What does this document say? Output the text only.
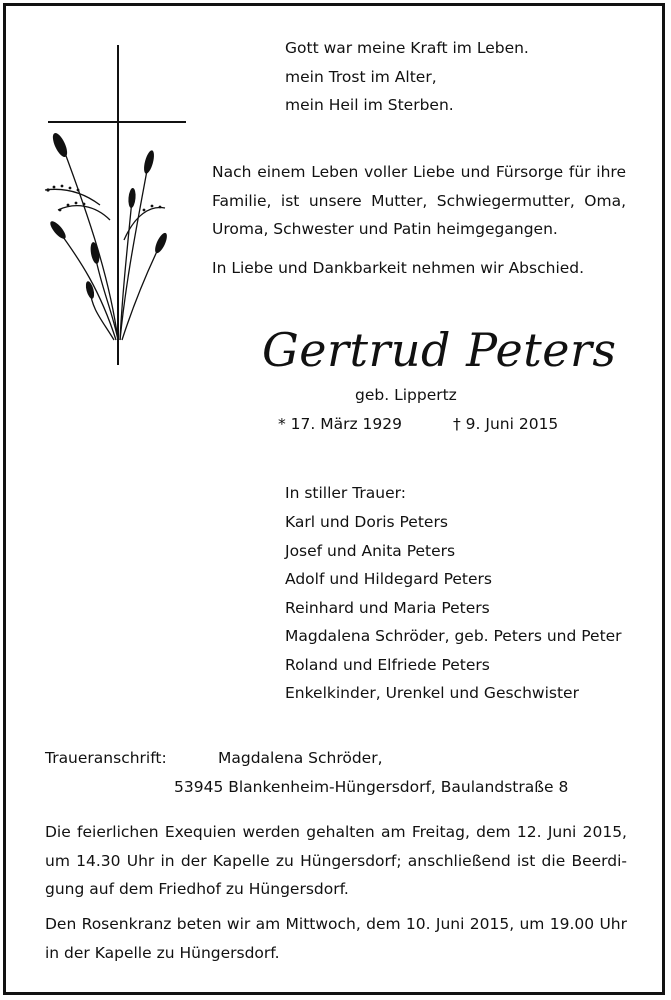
Gott war meine Kraft im Leben.
mein Trost im Alter,
mein Heil im Sterben.
Nach einem Leben voller Liebe und Fürsorge für ihre
Familie, ist unsere Mutter, Schwiegermutter, Oma,
Uroma, Schwester und Patin heimgegangen.
In Liebe und Dankbarkeit nehmen wir Abschied.
Gertrud Peters
geb. Lippertz
* 17. März 1929	† 9. Juni 2015
In stiller Trauer:
Karl und Doris Peters
Josef und Anita Peters
Adolf und Hildegard Peters
Reinhard und Maria Peters
Magdalena Schröder, geb. Peters und Peter
Roland und Elfriede Peters
Enkelkinder, Urenkel und Geschwister
Traueranschrift:	Magdalena Schröder,
53945 Blankenheim-Hüngersdorf, Baulandstraße 8
Die feierlichen Exequien werden gehalten am Freitag, dem 12. Juni 2015,
um 14.30 Uhr in der Kapelle zu Hüngersdorf; anschließend ist die Beerdi-
gung auf dem Friedhof zu Hüngersdorf.
Den Rosenkranz beten wir am Mittwoch, dem 10. Juni 2015, um 19.00 Uhr
in der Kapelle zu Hüngersdorf.
